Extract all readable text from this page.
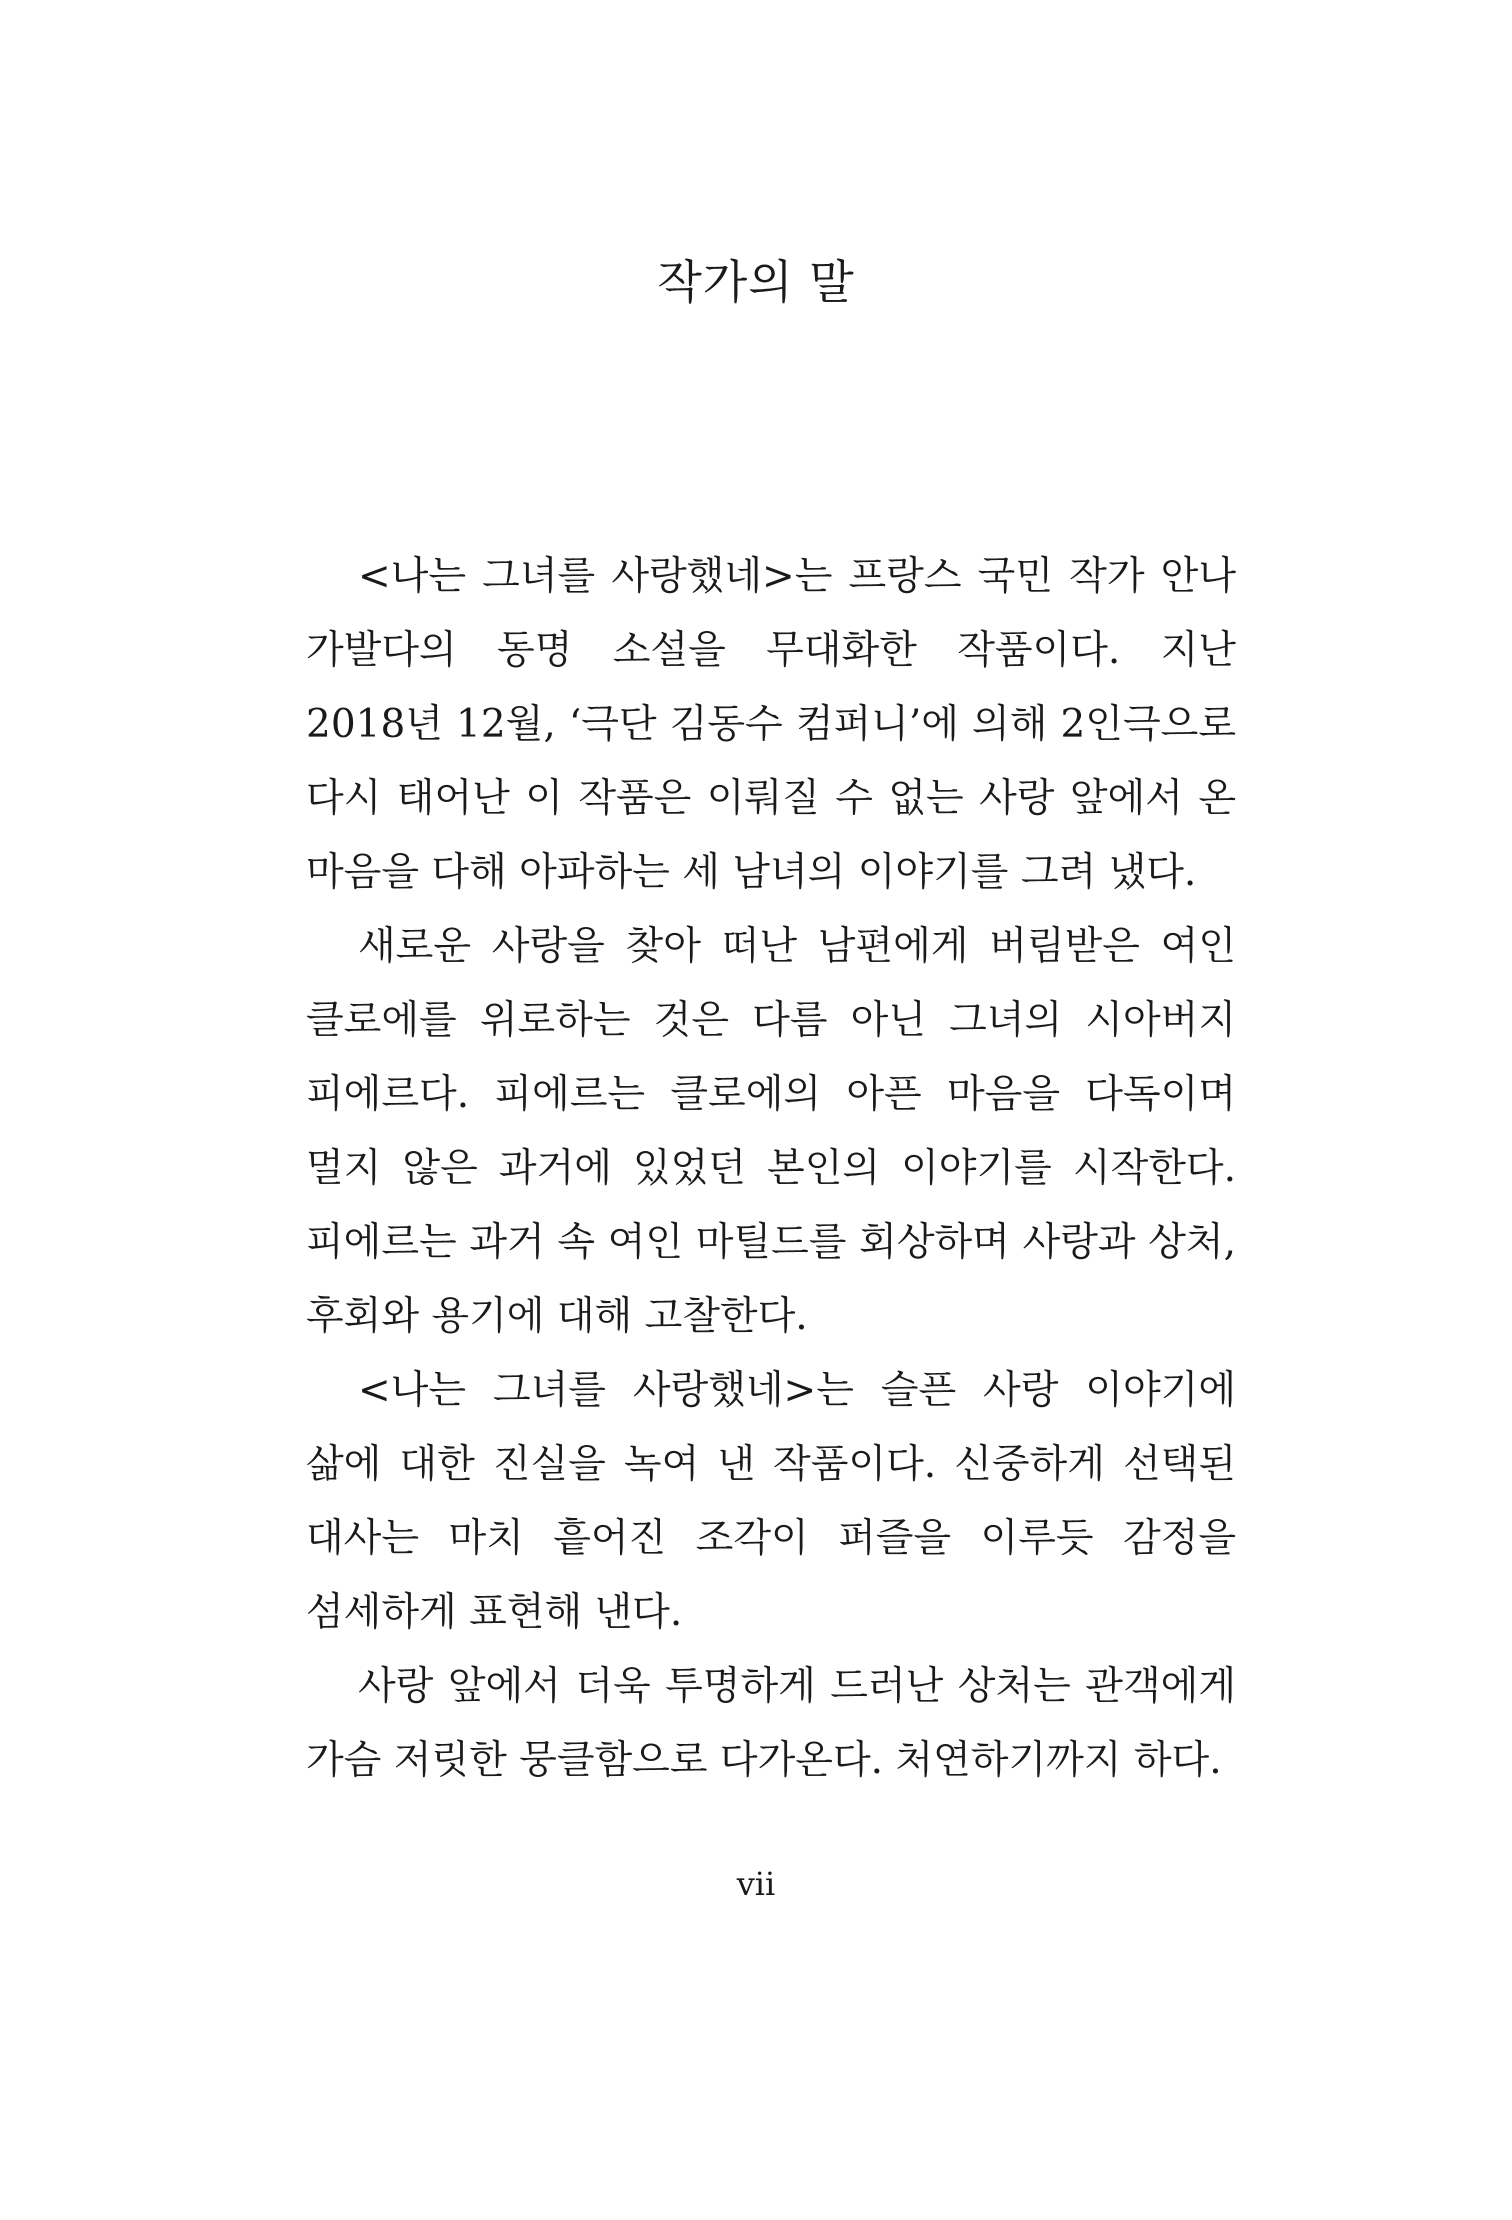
작가의 말

<나는 그녀를 사랑했네>는 프랑스 국민 작가 안나 가발다의 동명 소설을 무대화한 작품이다. 지난 2018년 12월, ‘극단 김동수 컴퍼니’에 의해 2인극으로 다시 태어난 이 작품은 이뤄질 수 없는 사랑 앞에서 온 마음을 다해 아파하는 세 남녀의 이야기를 그려 냈다.

새로운 사랑을 찾아 떠난 남편에게 버림받은 여인 클로에를 위로하는 것은 다름 아닌 그녀의 시아버지 피에르다. 피에르는 클로에의 아픈 마음을 다독이며 멀지 않은 과거에 있었던 본인의 이야기를 시작한다. 피에르는 과거 속 여인 마틸드를 회상하며 사랑과 상처, 후회와 용기에 대해 고찰한다.

<나는 그녀를 사랑했네>는 슬픈 사랑 이야기에 삶에 대한 진실을 녹여 낸 작품이다. 신중하게 선택된 대사는 마치 흩어진 조각이 퍼즐을 이루듯 감정을 섬세하게 표현해 낸다.

사랑 앞에서 더욱 투명하게 드러난 상처는 관객에게 가슴 저릿한 뭉클함으로 다가온다. 처연하기까지 하다.

vii
